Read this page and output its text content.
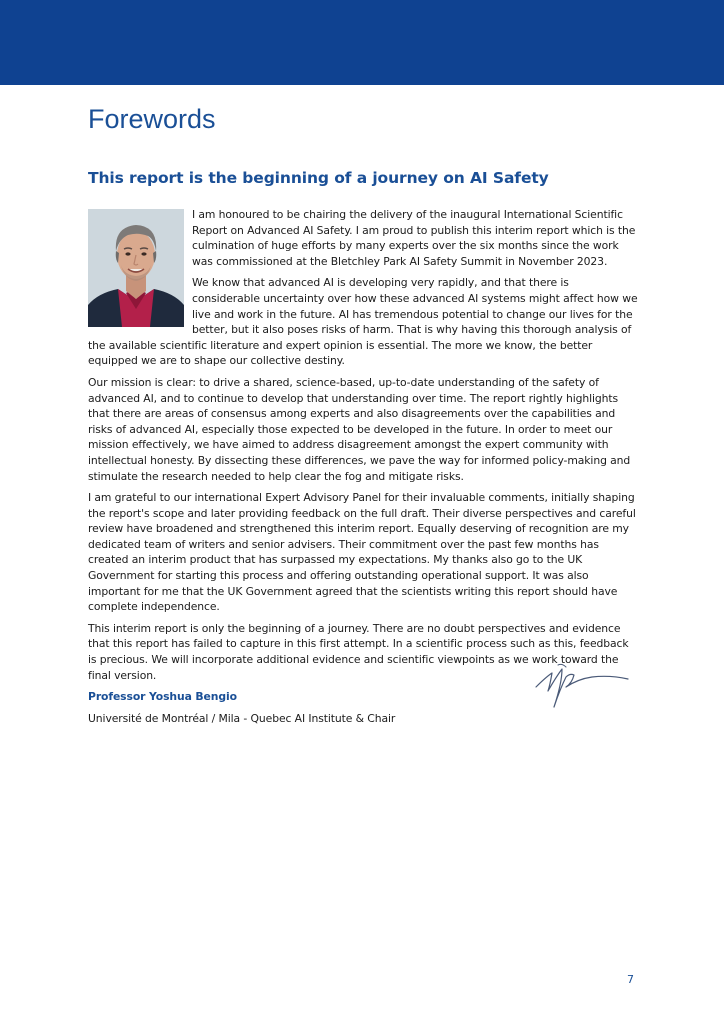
Forewords
This report is the beginning of a journey on AI Safety

I am honoured to be chairing the delivery of the inaugural International Scientific Report on Advanced AI Safety. I am proud to publish this interim report which is the culmination of huge efforts by many experts over the six months since the work was commissioned at the Bletchley Park AI Safety Summit in November 2023.

We know that advanced AI is developing very rapidly, and that there is considerable uncertainty over how these advanced AI systems might affect how we live and work in the future. AI has tremendous potential to change our lives for the better, but it also poses risks of harm. That is why having this thorough analysis of the available scientific literature and expert opinion is essential. The more we know, the better equipped we are to shape our collective destiny.

Our mission is clear: to drive a shared, science-based, up-to-date understanding of the safety of advanced AI, and to continue to develop that understanding over time. The report rightly highlights that there are areas of consensus among experts and also disagreements over the capabilities and risks of advanced AI, especially those expected to be developed in the future. In order to meet our mission effectively, we have aimed to address disagreement amongst the expert community with intellectual honesty. By dissecting these differences, we pave the way for informed policy-making and stimulate the research needed to help clear the fog and mitigate risks.

I am grateful to our international Expert Advisory Panel for their invaluable comments, initially shaping the report's scope and later providing feedback on the full draft. Their diverse perspectives and careful review have broadened and strengthened this interim report. Equally deserving of recognition are my dedicated team of writers and senior advisers. Their commitment over the past few months has created an interim product that has surpassed my expectations. My thanks also go to the UK Government for starting this process and offering outstanding operational support. It was also important for me that the UK Government agreed that the scientists writing this report should have complete independence.

This interim report is only the beginning of a journey. There are no doubt perspectives and evidence that this report has failed to capture in this first attempt. In a scientific process such as this, feedback is precious. We will incorporate additional evidence and scientific viewpoints as we work toward the final version.

Professor Yoshua Bengio

Université de Montréal / Mila - Quebec AI Institute & Chair

7
